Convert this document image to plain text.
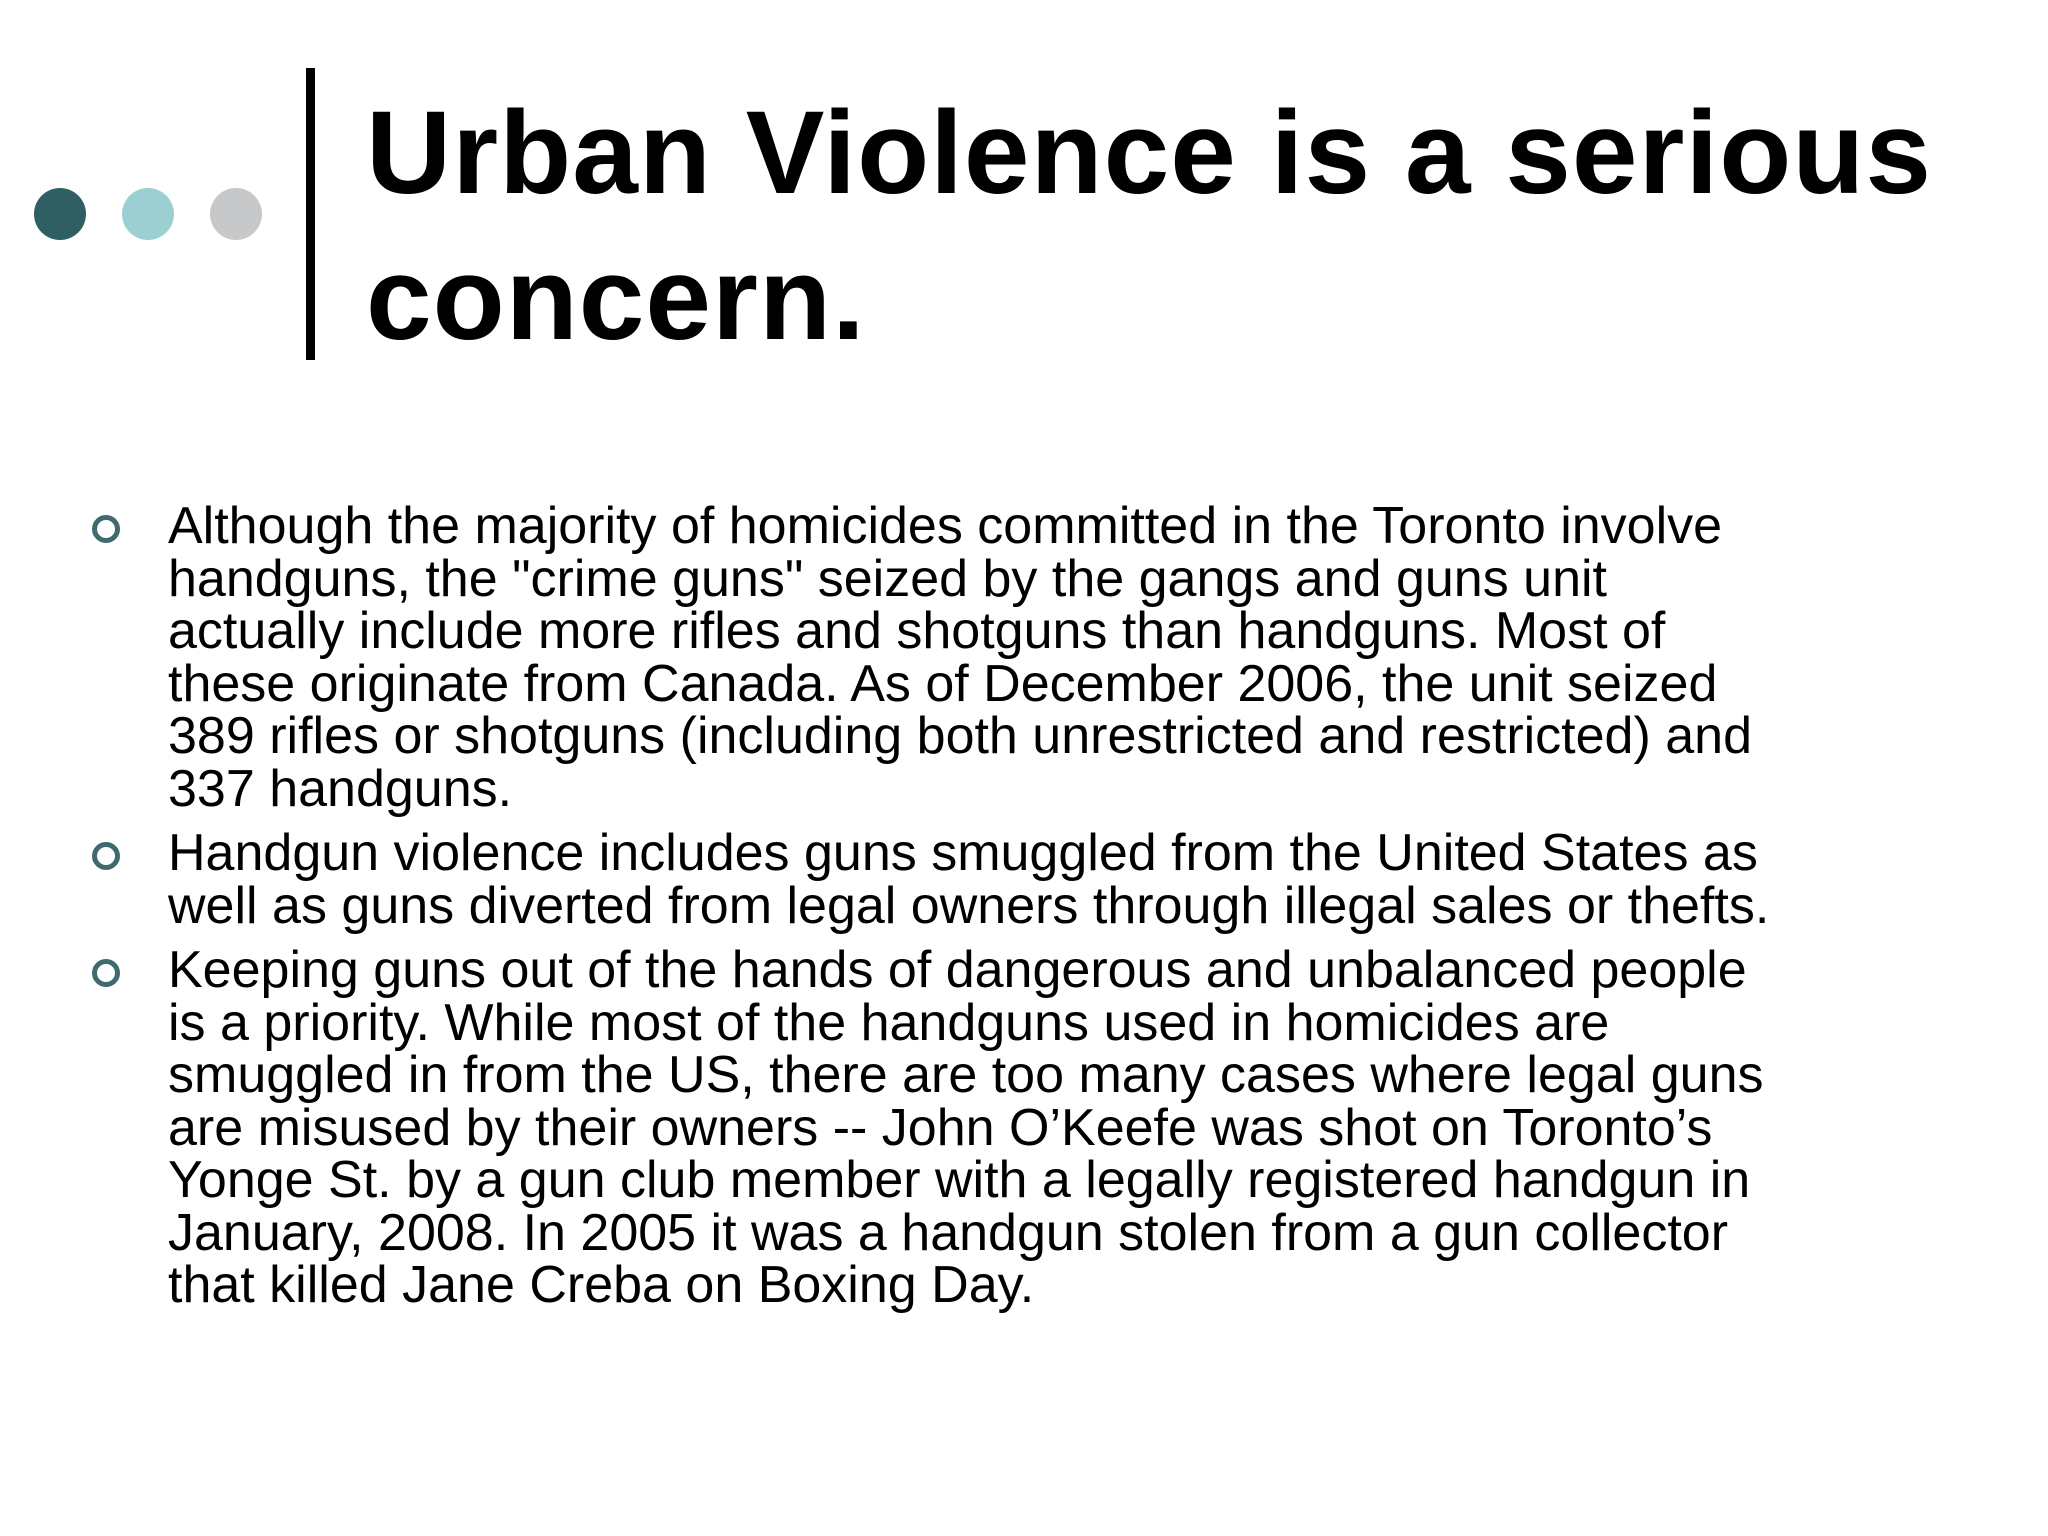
Urban Violence is a serious concern.
Although the majority of homicides committed in the Toronto involve
handguns, the "crime guns" seized by the gangs and guns unit
actually include more rifles and shotguns than handguns. Most of
these originate from Canada. As of December 2006, the unit seized
389 rifles or shotguns (including both unrestricted and restricted) and
337 handguns.
Handgun violence includes guns smuggled from the United States as
well as guns diverted from legal owners through illegal sales or thefts.
Keeping guns out of the hands of dangerous and unbalanced people
is a priority. While most of the handguns used in homicides are
smuggled in from the US, there are too many cases where legal guns
are misused by their owners -- John O’Keefe was shot on Toronto’s
Yonge St. by a gun club member with a legally registered handgun in
January, 2008. In 2005 it was a handgun stolen from a gun collector
that killed Jane Creba on Boxing Day.
